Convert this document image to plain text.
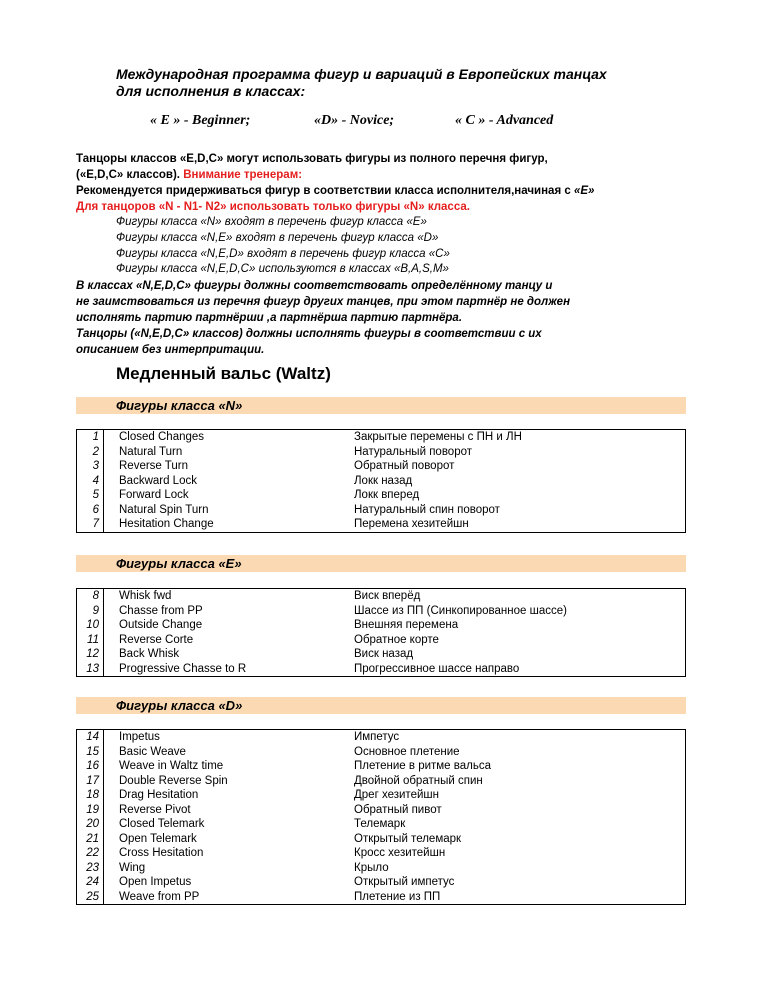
Международная программа фигур и вариаций в Европейских танцах
для исполнения в классах:
« E » - Beginner;	«D» - Novice;	« C » - Advanced
Танцоры классов «E,D,C» могут использовать фигуры из полного перечня фигур,
(«E,D,C» классов). Внимание тренерам:
Рекомендуется придерживаться фигур в соответствии класса исполнителя,начиная с «E»
Для танцоров «N - N1- N2» использовать только фигуры «N» класса.
Фигуры класса «N» входят в перечень фигур класса «E»
Фигуры класса «N,E» входят в перечень фигур класса «D»
Фигуры класса «N,E,D» входят в перечень фигур класса «C»
Фигуры класса «N,E,D,C» используются в классах «B,A,S,M»
В классах «N,E,D,C» фигуры должны соответствовать определённому танцу и
не заимствоваться из перечня фигур других танцев, при этом партнёр не должен
исполнять партию партнёрши ,а партнёрша партию партнёра.
Танцоры («N,E,D,C» классов) должны исполнять фигуры в соответствии с их
описанием без интерпритации.
Медленный вальс (Waltz)
Фигуры класса «N»
1	Closed Changes	Закрытые перемены с ПН и ЛН
2	Natural Turn	Натуральный поворот
3	Reverse Turn	Обратный поворот
4	Backward Lock	Локк назад
5	Forward Lock	Локк вперед
6	Natural Spin Turn	Натуральный спин поворот
7	Hesitation Change	Перемена хезитейшн
Фигуры класса «E»
8	Whisk fwd	Виск вперёд
9	Chasse from PP	Шассе из ПП (Синкопированное шассе)
10	Outside Change	Внешняя перемена
11	Reverse Corte	Обратное корте
12	Back Whisk	Виск назад
13	Progressive Chasse to R	Прогрессивное шассе направо
Фигуры класса «D»
14	Impetus	Импетус
15	Basic Weave	Основное плетение
16	Weave in Waltz time	Плетение в ритме вальса
17	Double Reverse Spin	Двойной обратный спин
18	Drag Hesitation	Дрег хезитейшн
19	Reverse Pivot	Обратный пивот
20	Closed Telemark	Телемарк
21	Open Telemark	Открытый телемарк
22	Cross Hesitation	Кросс хезитейшн
23	Wing	Крыло
24	Open Impetus	Открытый импетус
25	Weave from PP	Плетение из ПП
